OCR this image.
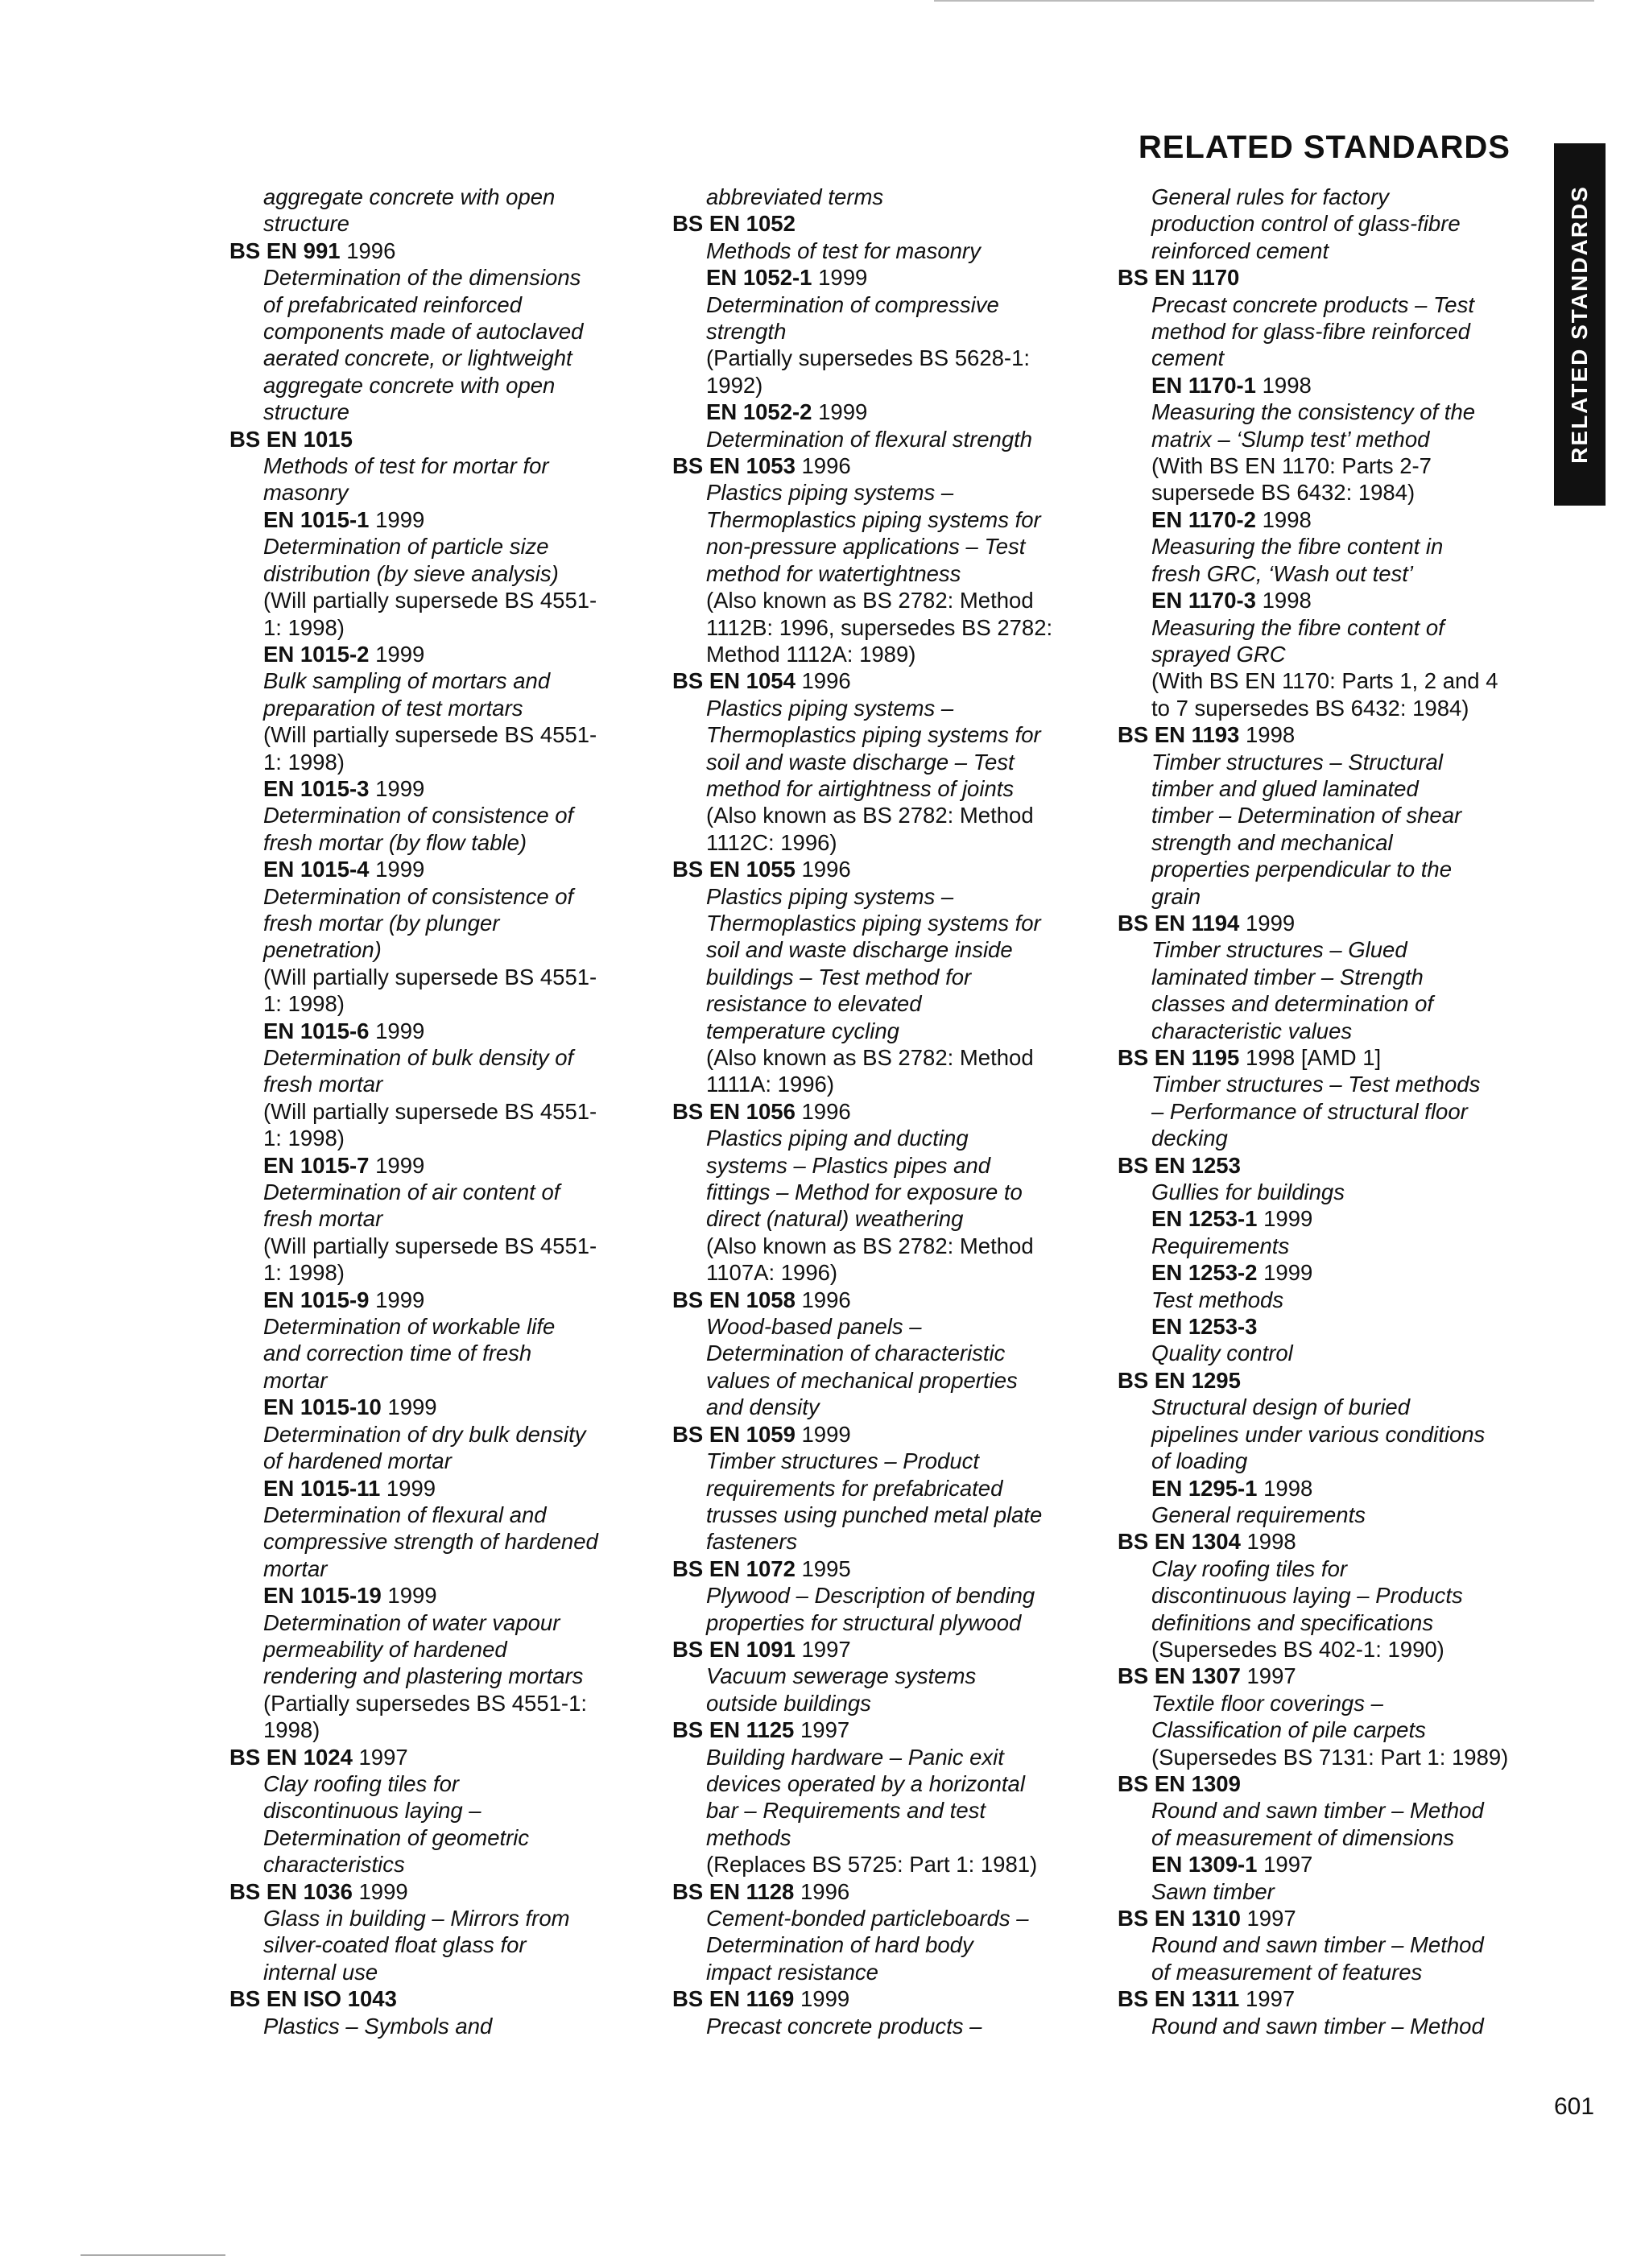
RELATED STANDARDS
RELATED STANDARDS
aggregate concrete with open
structure
BS EN 991 1996
Determination of the dimensions
of prefabricated reinforced
components made of autoclaved
aerated concrete, or lightweight
aggregate concrete with open
structure
BS EN 1015
Methods of test for mortar for
masonry
EN 1015-1 1999
Determination of particle size
distribution (by sieve analysis)
(Will partially supersede BS 4551-
1: 1998)
EN 1015-2 1999
Bulk sampling of mortars and
preparation of test mortars
(Will partially supersede BS 4551-
1: 1998)
EN 1015-3 1999
Determination of consistence of
fresh mortar (by flow table)
EN 1015-4 1999
Determination of consistence of
fresh mortar (by plunger
penetration)
(Will partially supersede BS 4551-
1: 1998)
EN 1015-6 1999
Determination of bulk density of
fresh mortar
(Will partially supersede BS 4551-
1: 1998)
EN 1015-7 1999
Determination of air content of
fresh mortar
(Will partially supersede BS 4551-
1: 1998)
EN 1015-9 1999
Determination of workable life
and correction time of fresh
mortar
EN 1015-10 1999
Determination of dry bulk density
of hardened mortar
EN 1015-11 1999
Determination of flexural and
compressive strength of hardened
mortar
EN 1015-19 1999
Determination of water vapour
permeability of hardened
rendering and plastering mortars
(Partially supersedes BS 4551-1:
1998)
BS EN 1024 1997
Clay roofing tiles for
discontinuous laying –
Determination of geometric
characteristics
BS EN 1036 1999
Glass in building – Mirrors from
silver-coated float glass for
internal use
BS EN ISO 1043
Plastics – Symbols and
abbreviated terms
BS EN 1052
Methods of test for masonry
EN 1052-1 1999
Determination of compressive
strength
(Partially supersedes BS 5628-1:
1992)
EN 1052-2 1999
Determination of flexural strength
BS EN 1053 1996
Plastics piping systems –
Thermoplastics piping systems for
non-pressure applications – Test
method for watertightness
(Also known as BS 2782: Method
1112B: 1996, supersedes BS 2782:
Method 1112A: 1989)
BS EN 1054 1996
Plastics piping systems –
Thermoplastics piping systems for
soil and waste discharge – Test
method for airtightness of joints
(Also known as BS 2782: Method
1112C: 1996)
BS EN 1055 1996
Plastics piping systems –
Thermoplastics piping systems for
soil and waste discharge inside
buildings – Test method for
resistance to elevated
temperature cycling
(Also known as BS 2782: Method
1111A: 1996)
BS EN 1056 1996
Plastics piping and ducting
systems – Plastics pipes and
fittings – Method for exposure to
direct (natural) weathering
(Also known as BS 2782: Method
1107A: 1996)
BS EN 1058 1996
Wood-based panels –
Determination of characteristic
values of mechanical properties
and density
BS EN 1059 1999
Timber structures – Product
requirements for prefabricated
trusses using punched metal plate
fasteners
BS EN 1072 1995
Plywood – Description of bending
properties for structural plywood
BS EN 1091 1997
Vacuum sewerage systems
outside buildings
BS EN 1125 1997
Building hardware – Panic exit
devices operated by a horizontal
bar – Requirements and test
methods
(Replaces BS 5725: Part 1: 1981)
BS EN 1128 1996
Cement-bonded particleboards –
Determination of hard body
impact resistance
BS EN 1169 1999
Precast concrete products –
General rules for factory
production control of glass-fibre
reinforced cement
BS EN 1170
Precast concrete products – Test
method for glass-fibre reinforced
cement
EN 1170-1 1998
Measuring the consistency of the
matrix – ‘Slump test’ method
(With BS EN 1170: Parts 2-7
supersede BS 6432: 1984)
EN 1170-2 1998
Measuring the fibre content in
fresh GRC, ‘Wash out test’
EN 1170-3 1998
Measuring the fibre content of
sprayed GRC
(With BS EN 1170: Parts 1, 2 and 4
to 7 supersedes BS 6432: 1984)
BS EN 1193 1998
Timber structures – Structural
timber and glued laminated
timber – Determination of shear
strength and mechanical
properties perpendicular to the
grain
BS EN 1194 1999
Timber structures – Glued
laminated timber – Strength
classes and determination of
characteristic values
BS EN 1195 1998 [AMD 1]
Timber structures – Test methods
– Performance of structural floor
decking
BS EN 1253
Gullies for buildings
EN 1253-1 1999
Requirements
EN 1253-2 1999
Test methods
EN 1253-3
Quality control
BS EN 1295
Structural design of buried
pipelines under various conditions
of loading
EN 1295-1 1998
General requirements
BS EN 1304 1998
Clay roofing tiles for
discontinuous laying – Products
definitions and specifications
(Supersedes BS 402-1: 1990)
BS EN 1307 1997
Textile floor coverings –
Classification of pile carpets
(Supersedes BS 7131: Part 1: 1989)
BS EN 1309
Round and sawn timber – Method
of measurement of dimensions
EN 1309-1 1997
Sawn timber
BS EN 1310 1997
Round and sawn timber – Method
of measurement of features
BS EN 1311 1997
Round and sawn timber – Method
601
